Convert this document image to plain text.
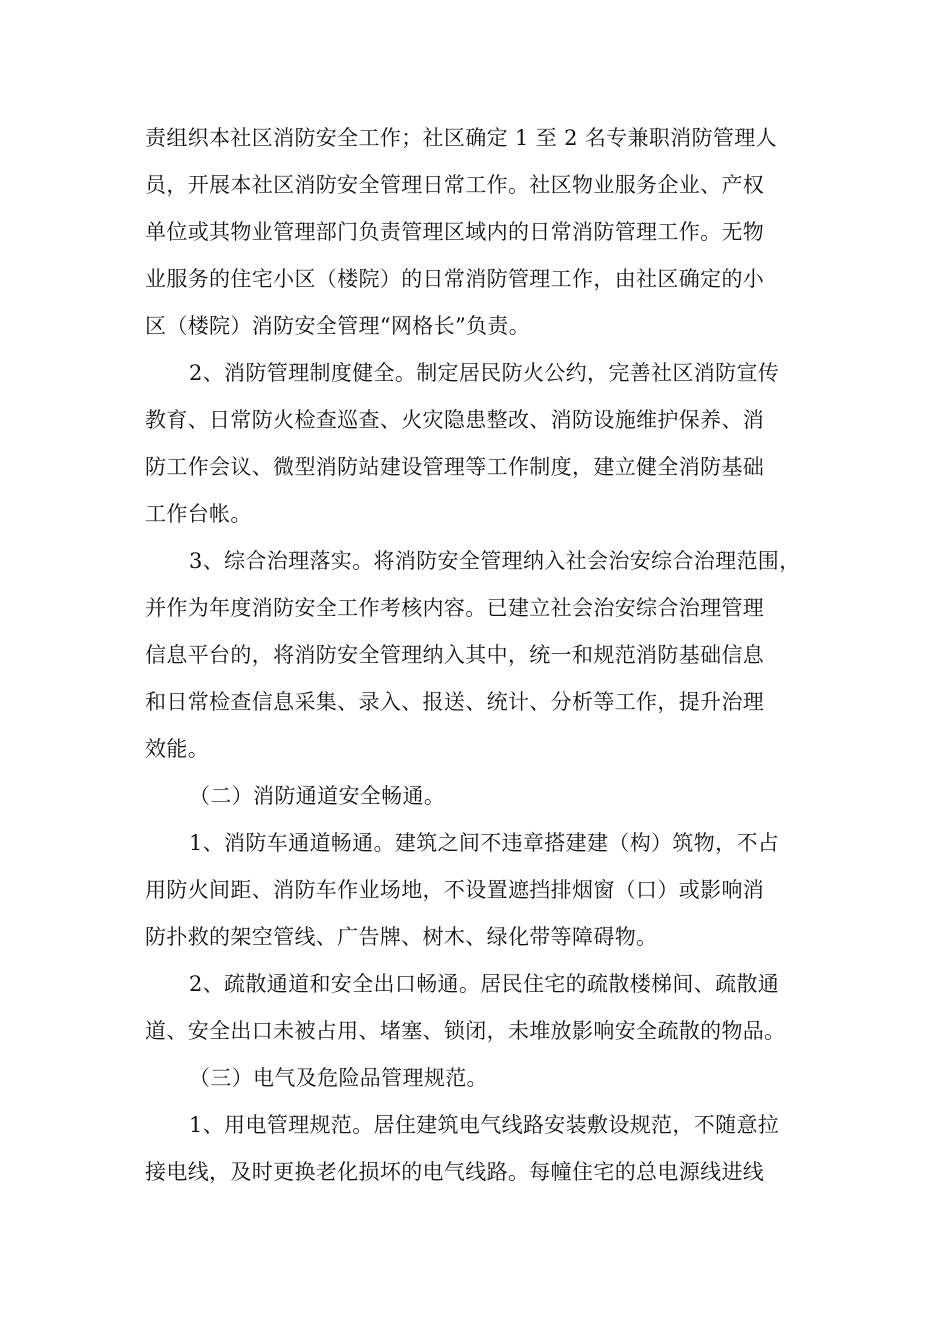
责组织本社区消防安全工作；社区确定 1 至 2 名专兼职消防管理人
员，开展本社区消防安全管理日常工作。社区物业服务企业、产权
单位或其物业管理部门负责管理区域内的日常消防管理工作。无物
业服务的住宅小区（楼院）的日常消防管理工作，由社区确定的小
区（楼院）消防安全管理“网格长”负责。
2、消防管理制度健全。制定居民防火公约，完善社区消防宣传
教育、日常防火检查巡查、火灾隐患整改、消防设施维护保养、消
防工作会议、微型消防站建设管理等工作制度，建立健全消防基础
工作台帐。
3、综合治理落实。将消防安全管理纳入社会治安综合治理范围，
并作为年度消防安全工作考核内容。已建立社会治安综合治理管理
信息平台的，将消防安全管理纳入其中，统一和规范消防基础信息
和日常检查信息采集、录入、报送、统计、分析等工作，提升治理
效能。
（二）消防通道安全畅通。
1、消防车通道畅通。建筑之间不违章搭建建（构）筑物，不占
用防火间距、消防车作业场地，不设置遮挡排烟窗（口）或影响消
防扑救的架空管线、广告牌、树木、绿化带等障碍物。
2、疏散通道和安全出口畅通。居民住宅的疏散楼梯间、疏散通
道、安全出口未被占用、堵塞、锁闭，未堆放影响安全疏散的物品。
（三）电气及危险品管理规范。
1、用电管理规范。居住建筑电气线路安装敷设规范，不随意拉
接电线，及时更换老化损坏的电气线路。每幢住宅的总电源线进线
